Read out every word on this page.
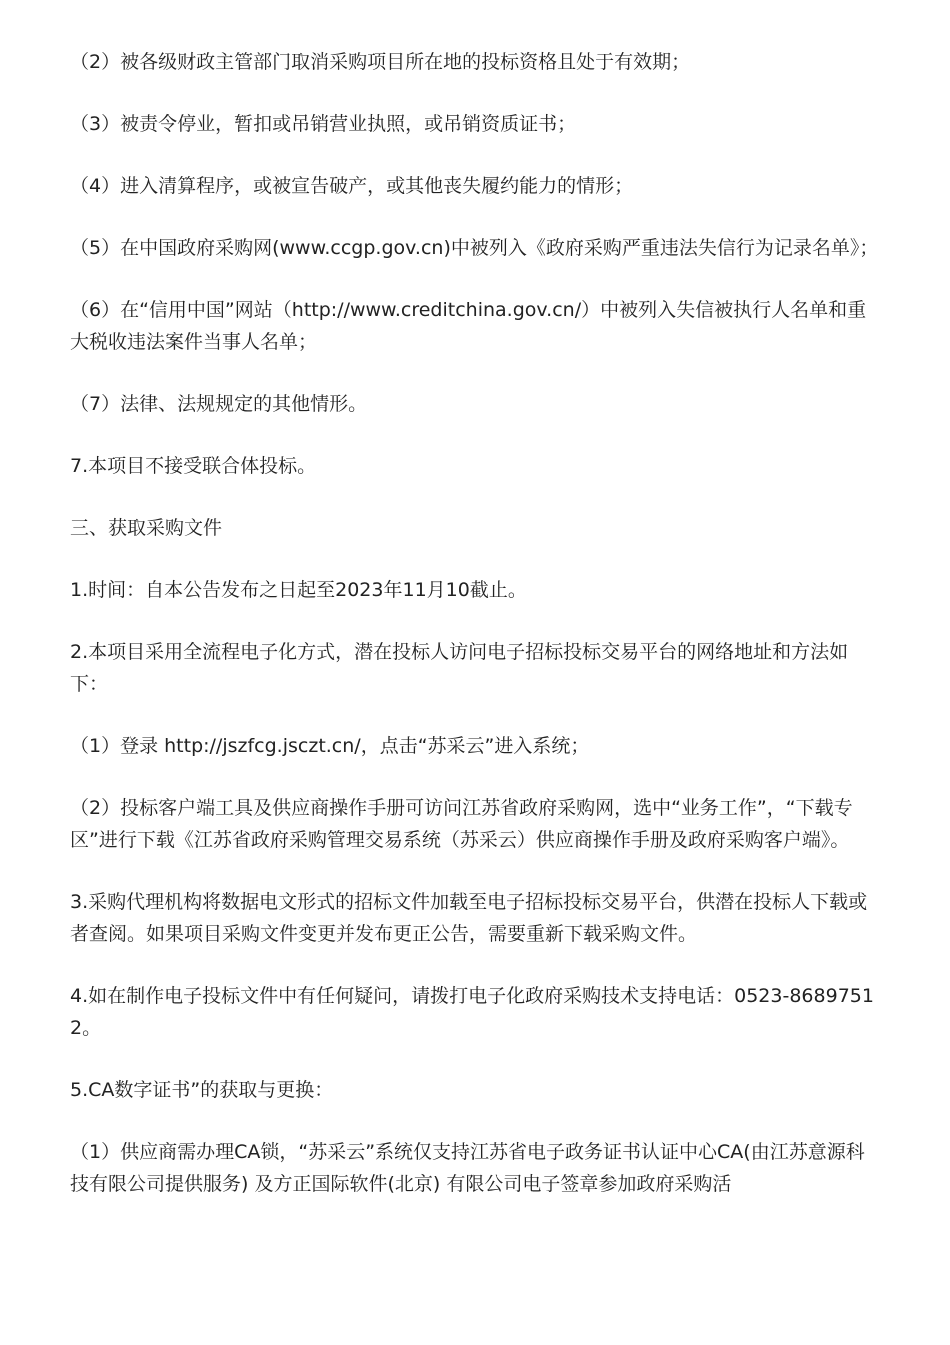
（2）被各级财政主管部门取消采购项目所在地的投标资格且处于有效期；

（3）被责令停业，暂扣或吊销营业执照，或吊销资质证书；

（4）进入清算程序，或被宣告破产，或其他丧失履约能力的情形；

（5）在中国政府采购网(www.ccgp.gov.cn)中被列入《政府采购严重违法失信行为记录名单》；

（6）在“信用中国”网站（http://www.creditchina.gov.cn/）中被列入失信被执行人名单和重大税收违法案件当事人名单；

（7）法律、法规规定的其他情形。

7.本项目不接受联合体投标。

三、获取采购文件

1.时间：自本公告发布之日起至2023年11月10截止。

2.本项目采用全流程电子化方式，潜在投标人访问电子招标投标交易平台的网络地址和方法如下：

（1）登录 http://jszfcg.jsczt.cn/，点击“苏采云”进入系统；

（2）投标客户端工具及供应商操作手册可访问江苏省政府采购网，选中“业务工作”，“下载专区”进行下载《江苏省政府采购管理交易系统（苏采云）供应商操作手册及政府采购客户端》。

3.采购代理机构将数据电文形式的招标文件加载至电子招标投标交易平台，供潜在投标人下载或者查阅。如果项目采购文件变更并发布更正公告，需要重新下载采购文件。

4.如在制作电子投标文件中有任何疑问，请拨打电子化政府采购技术支持电话：0523-86897512。

5.CA数字证书”的获取与更换：

（1）供应商需办理CA锁，“苏采云”系统仅支持江苏省电子政务证书认证中心CA(由江苏意源科技有限公司提供服务) 及方正国际软件(北京) 有限公司电子签章参加政府采购活
